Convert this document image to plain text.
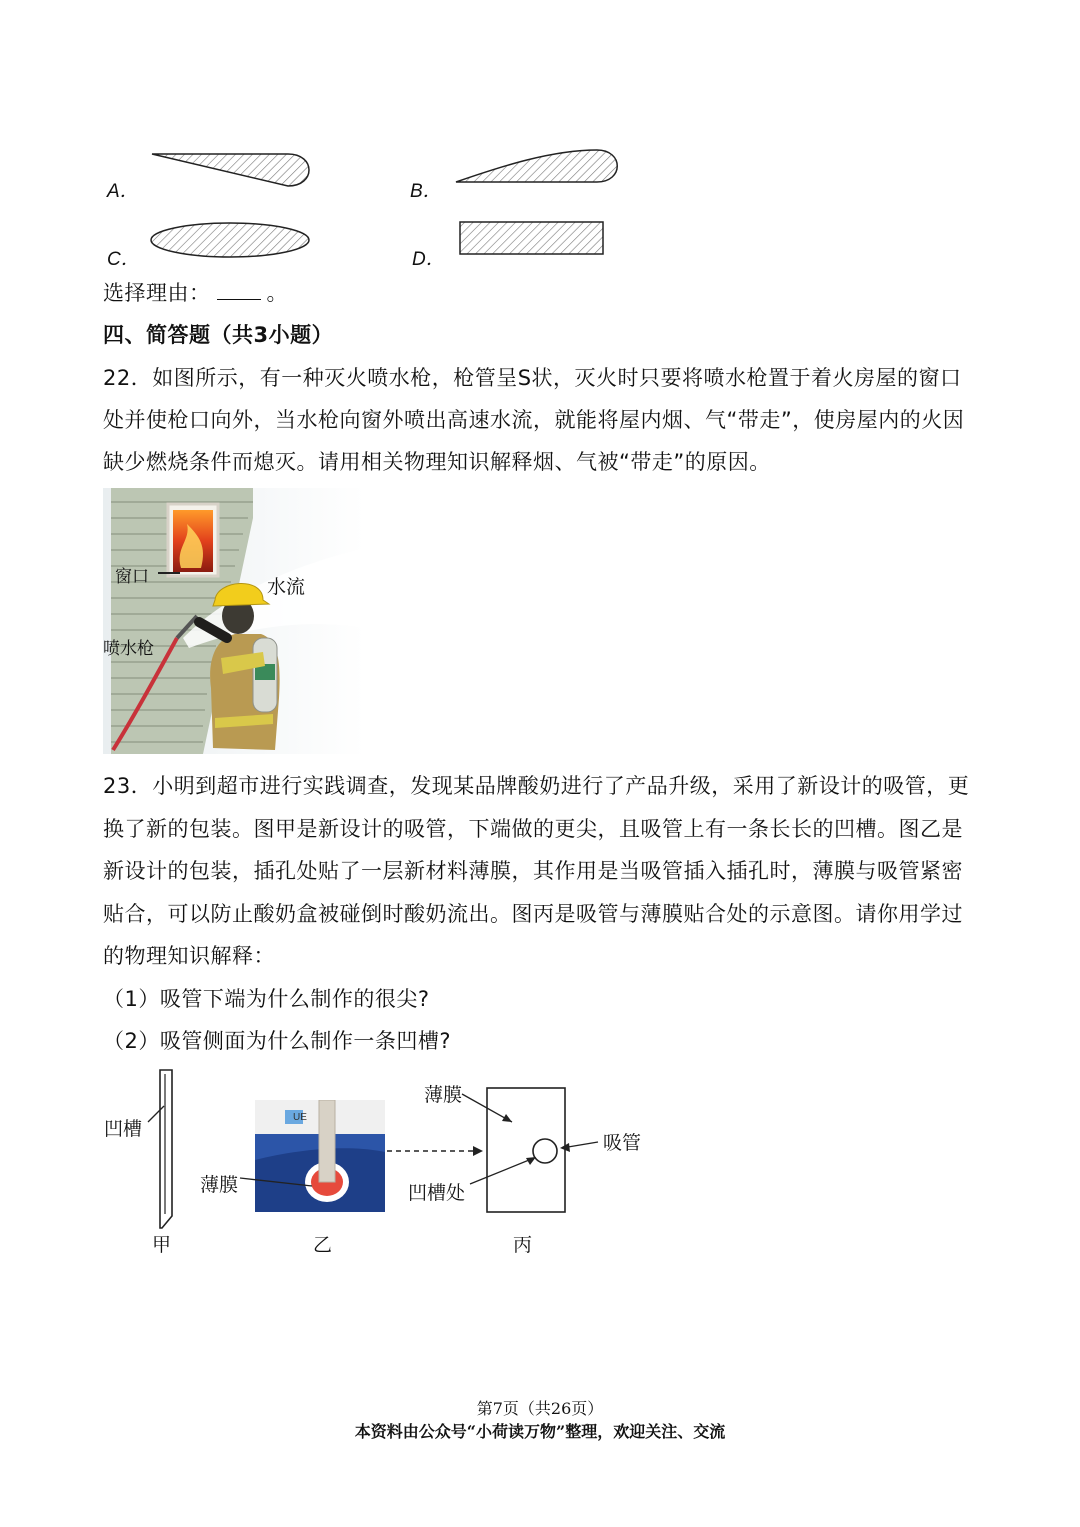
A．	B．
C．	D．
选择理由：	。
四、简答题（共3小题）
22．如图所示，有一种灭火喷水枪，枪管呈S状，灭火时只要将喷水枪置于着火房屋的窗口
处并使枪口向外，当水枪向窗外喷出高速水流，就能将屋内烟、气“带走”，使房屋内的火因
缺少燃烧条件而熄灭。请用相关物理知识解释烟、气被“带走”的原因。
窗口	水流
喷水枪
23．小明到超市进行实践调查，发现某品牌酸奶进行了产品升级，采用了新设计的吸管，更
换了新的包装。图甲是新设计的吸管，下端做的更尖，且吸管上有一条长长的凹槽。图乙是
新设计的包装，插孔处贴了一层新材料薄膜，其作用是当吸管插入插孔时，薄膜与吸管紧密
贴合，可以防止酸奶盒被碰倒时酸奶流出。图丙是吸管与薄膜贴合处的示意图。请你用学过
的物理知识解释：
（1）吸管下端为什么制作的很尖?
（2）吸管侧面为什么制作一条凹槽?
凹槽
甲
UE
薄膜
乙
薄膜
吸管
凹槽处
丙
第7页（共26页）
本资料由公众号“小荷读万物”整理，欢迎关注、交流
